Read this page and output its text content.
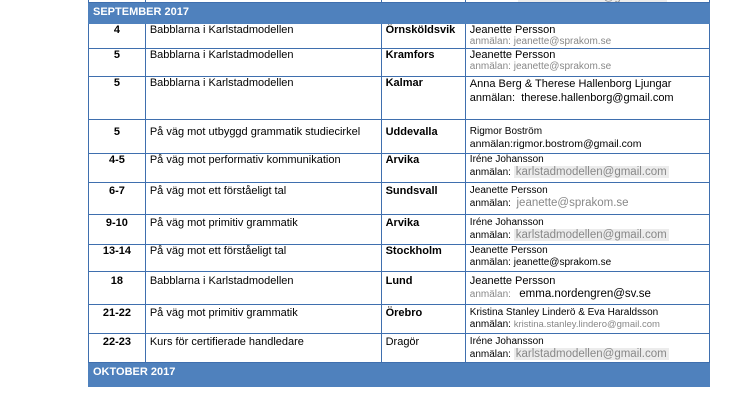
SEPTEMBER 2017			
4	Babblarna i Karlstadmodellen	Örnsköldsvik	Jeanette Persson
anmälan: jeanette@sprakom.se

5	Babblarna i Karlstadmodellen	Kramfors	Jeanette Persson
anmälan: jeanette@sprakom.se

5	Babblarna i Karlstadmodellen	Kalmar	Anna Berg & Therese Hallenborg Ljungar
anmälan: therese.hallenborg@gmail.com

5	På väg mot utbyggd grammatik studiecirkel	Uddevalla	Rigmor Boström
anmälan:rigmor.bostrom@gmail.com

4-5	På väg mot performativ kommunikation	Arvika	Iréne Johansson
anmälan: karlstadmodellen@gmail.com

6-7	På väg mot ett förståeligt tal	Sundsvall	Jeanette Persson
anmälan: jeanette@sprakom.se

9-10	På väg mot primitiv grammatik	Arvika	Iréne Johansson
anmälan: karlstadmodellen@gmail.com

13-14	På väg mot ett förståeligt tal	Stockholm	Jeanette Persson
anmälan: jeanette@sprakom.se

18	Babblarna i Karlstadmodellen	Lund	Jeanette Persson
anmälan: emma.nordengren@sv.se

21-22	På väg mot primitiv grammatik	Örebro	Kristina Stanley Linderö & Eva Haraldsson
anmälan: kristina.stanley.lindero@gmail.com

22-23	Kurs för certifierade handledare	Dragör	Iréne Johansson
anmälan: karlstadmodellen@gmail.com

OKTOBER 2017			
